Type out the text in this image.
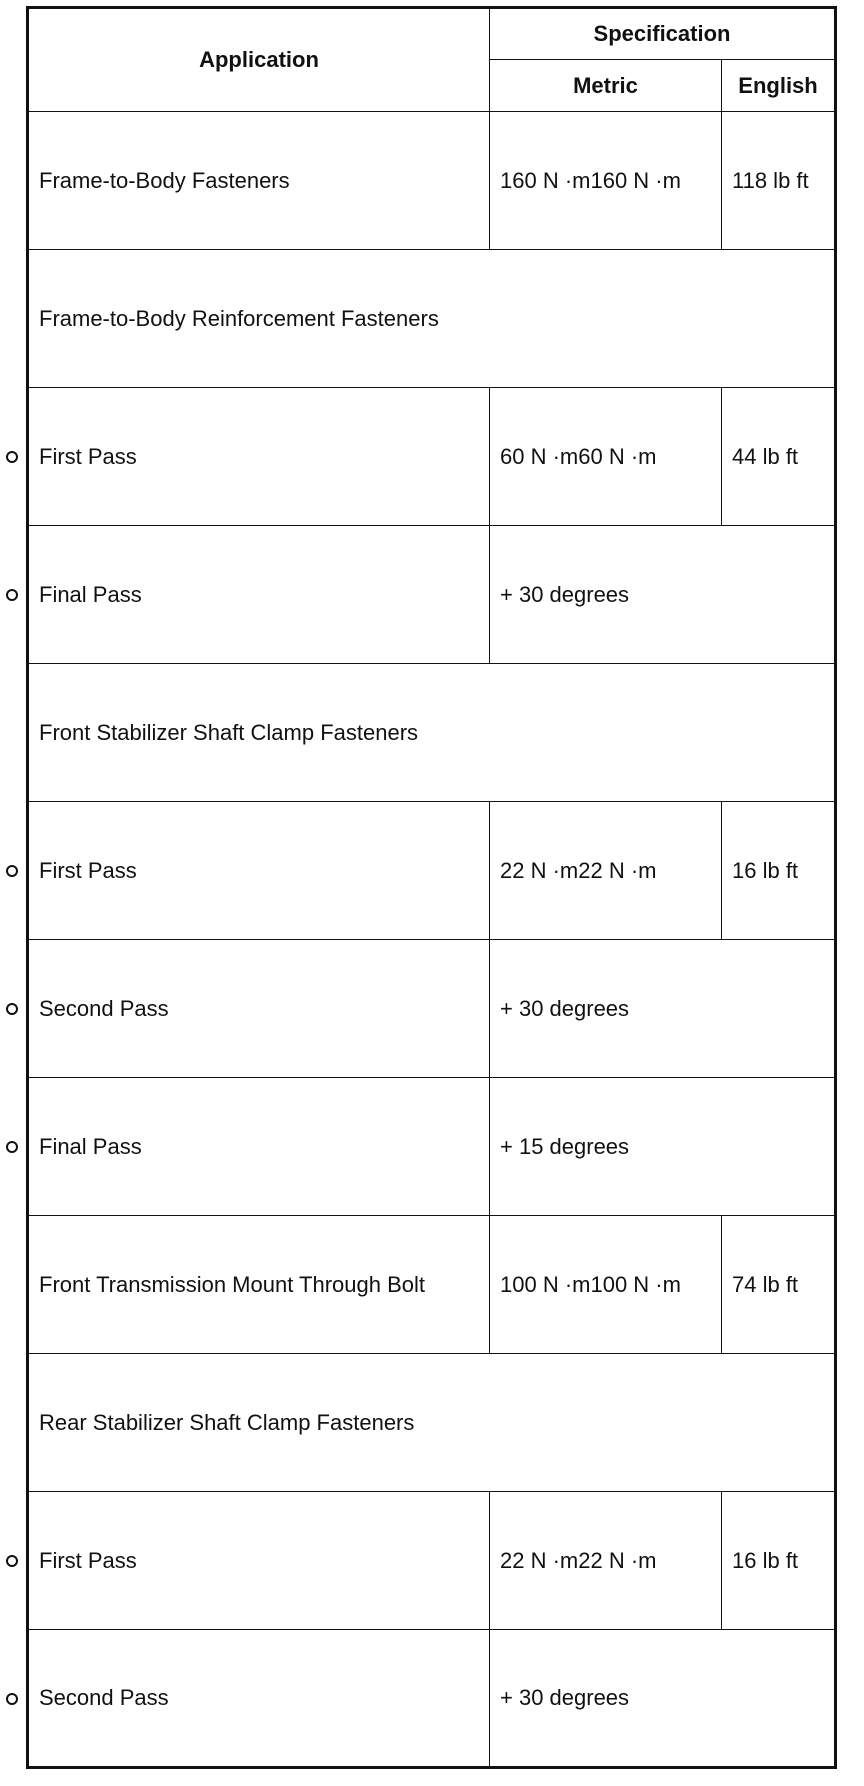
Application	Specification	
	Metric	English
Frame-to-Body Fasteners	160 N ·m160 N ·m	118 lb ft
Frame-to-Body Reinforcement Fasteners		
First Pass	60 N ·m60 N ·m	44 lb ft
Final Pass	+ 30 degrees	
Front Stabilizer Shaft Clamp Fasteners		
First Pass	22 N ·m22 N ·m	16 lb ft
Second Pass	+ 30 degrees	
Final Pass	+ 15 degrees	
Front Transmission Mount Through Bolt	100 N ·m100 N ·m	74 lb ft
Rear Stabilizer Shaft Clamp Fasteners		
First Pass	22 N ·m22 N ·m	16 lb ft
Second Pass	+ 30 degrees	
